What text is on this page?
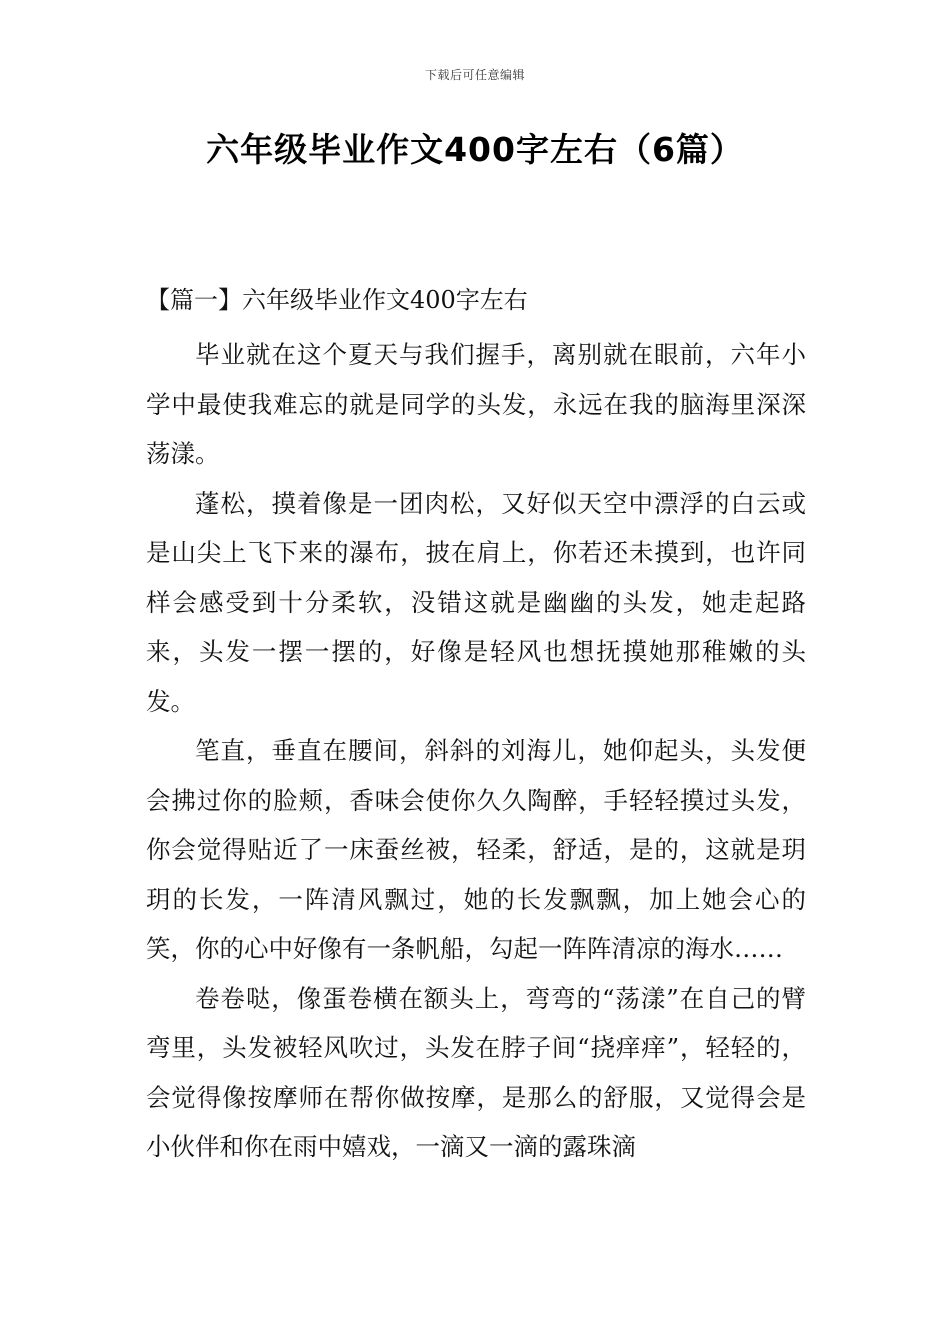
下载后可任意编辑
六年级毕业作文400字左右（6篇）
【篇一】六年级毕业作文400字左右

毕业就在这个夏天与我们握手，离别就在眼前，六年小学中最使我难忘的就是同学的头发，永远在我的脑海里深深荡漾。

蓬松，摸着像是一团肉松，又好似天空中漂浮的白云或是山尖上飞下来的瀑布，披在肩上，你若还未摸到，也许同样会感受到十分柔软，没错这就是幽幽的头发，她走起路来，头发一摆一摆的，好像是轻风也想抚摸她那稚嫩的头发。

笔直，垂直在腰间，斜斜的刘海儿，她仰起头，头发便会拂过你的脸颊，香味会使你久久陶醉，手轻轻摸过头发，你会觉得贴近了一床蚕丝被，轻柔，舒适，是的，这就是玥玥的长发，一阵清风飘过，她的长发飘飘，加上她会心的笑，你的心中好像有一条帆船，勾起一阵阵清凉的海水……

卷卷哒，像蛋卷横在额头上，弯弯的“荡漾”在自己的臂弯里，头发被轻风吹过，头发在脖子间“挠痒痒”，轻轻的，会觉得像按摩师在帮你做按摩，是那么的舒服，又觉得会是小伙伴和你在雨中嬉戏，一滴又一滴的露珠滴
